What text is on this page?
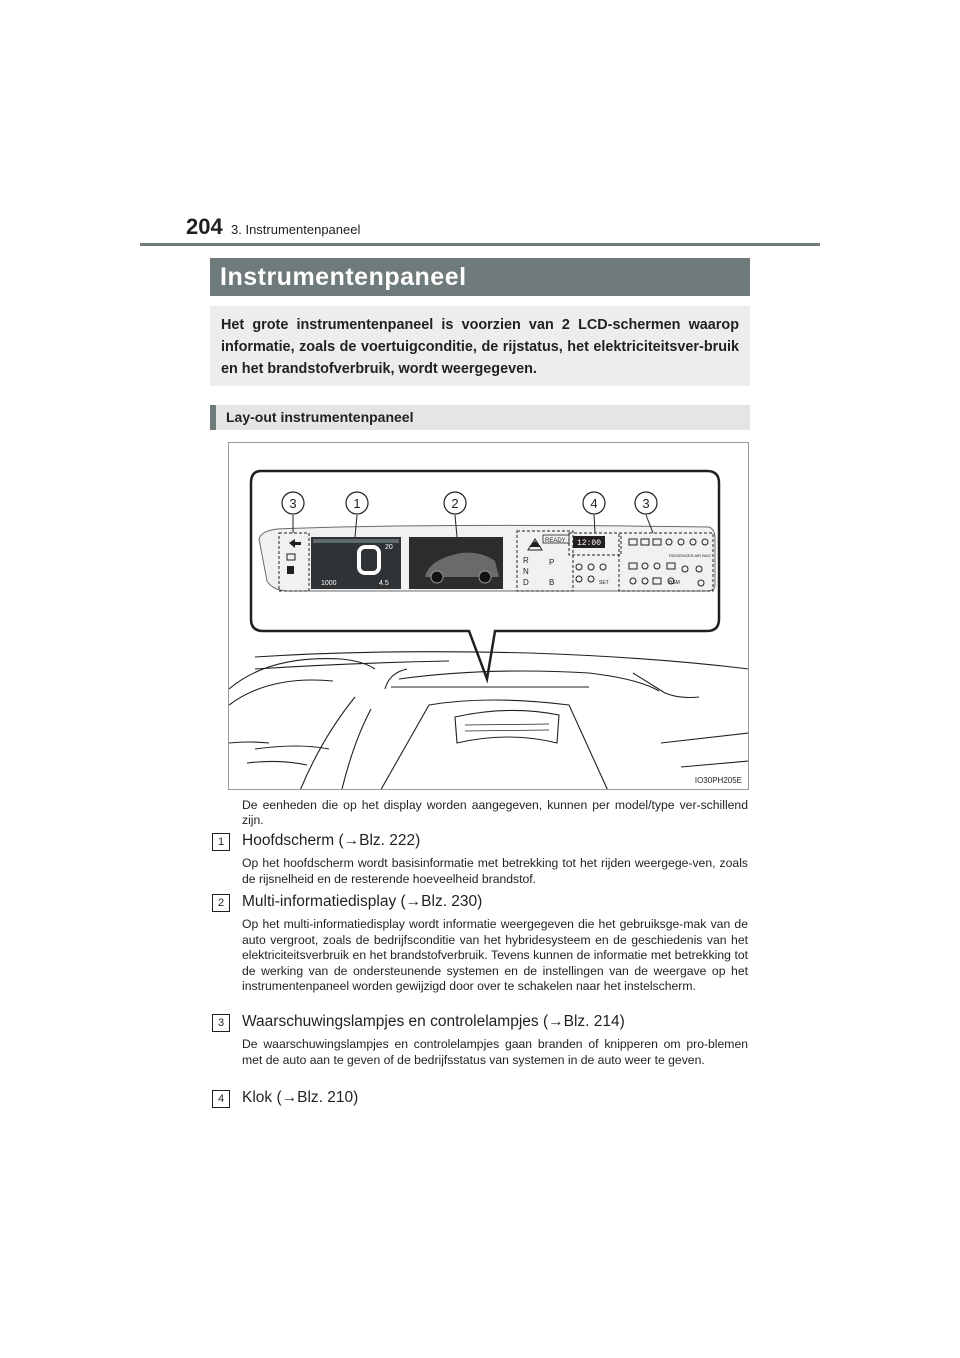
204 3. Instrumentenpaneel
Instrumentenpaneel
Het grote instrumentenpaneel is voorzien van 2 LCD-schermen waarop informatie, zoals de voertuigconditie, de rijstatus, het elektriciteitsver-bruik en het brandstofverbruik, wordt weergegeven.
Lay-out instrumentenpaneel
3	1	2	4	3
20
1000	4.5
READY 12:00
R
N
D
P
B
PASSENGER AIR BAG
BSM
SET
IO30PH205E
De eenheden die op het display worden aangegeven, kunnen per model/type ver-schillend zijn.
1	Hoofdscherm (→Blz. 222)
Op het hoofdscherm wordt basisinformatie met betrekking tot het rijden weergege-ven, zoals de rijsnelheid en de resterende hoeveelheid brandstof.
2	Multi-informatiedisplay (→Blz. 230)
Op het multi-informatiedisplay wordt informatie weergegeven die het gebruiksge-mak van de auto vergroot, zoals de bedrijfsconditie van het hybridesysteem en de geschiedenis van het elektriciteitsverbruik en het brandstofverbruik. Tevens kunnen de informatie met betrekking tot de werking van de ondersteunende systemen en de instellingen van de weergave op het instrumentenpaneel worden gewijzigd door over te schakelen naar het instelscherm.
3	Waarschuwingslampjes en controlelampjes (→Blz. 214)
De waarschuwingslampjes en controlelampjes gaan branden of knipperen om pro-blemen met de auto aan te geven of de bedrijfsstatus van systemen in de auto weer te geven.
4	Klok (→Blz. 210)
